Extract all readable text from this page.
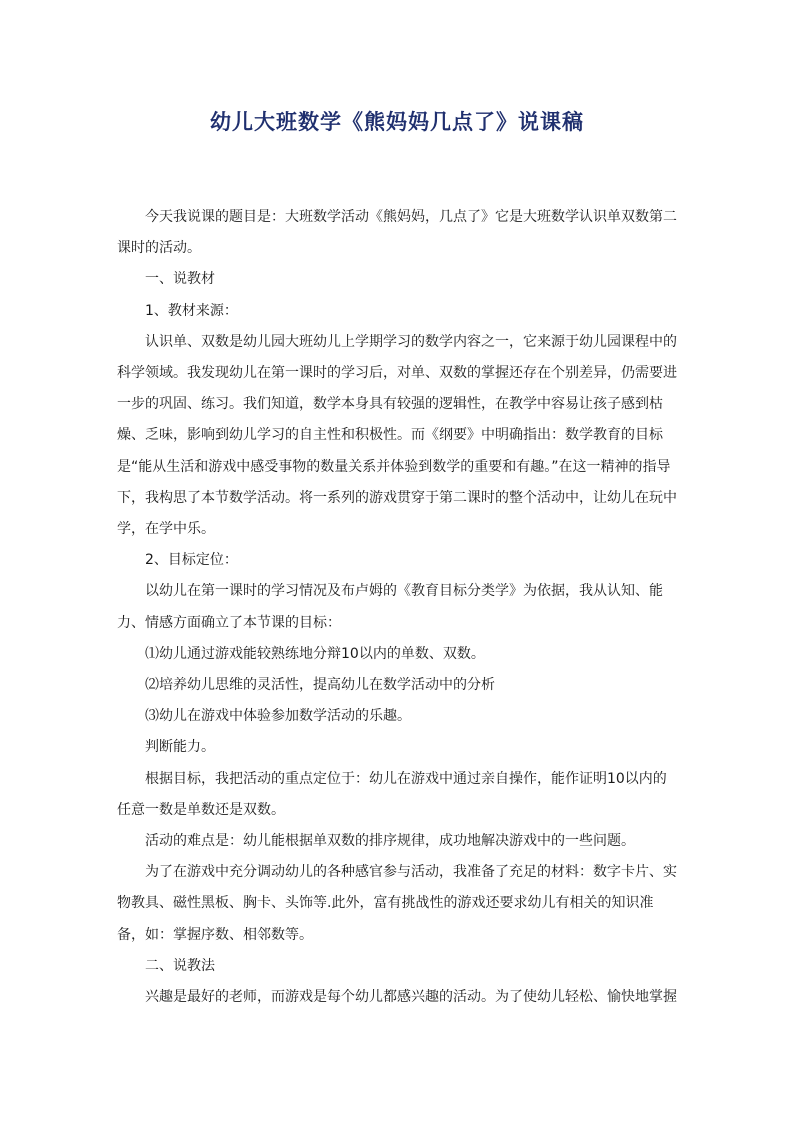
幼儿大班数学《熊妈妈几点了》说课稿

今天我说课的题目是：大班数学活动《熊妈妈，几点了》它是大班数学认识单双数第二课时的活动。

一、说教材

1、教材来源：

认识单、双数是幼儿园大班幼儿上学期学习的数学内容之一，它来源于幼儿园课程中的科学领域。我发现幼儿在第一课时的学习后，对单、双数的掌握还存在个别差异，仍需要进一步的巩固、练习。我们知道，数学本身具有较强的逻辑性，在教学中容易让孩子感到枯燥、乏味，影响到幼儿学习的自主性和积极性。而《纲要》中明确指出：数学教育的目标是“能从生活和游戏中感受事物的数量关系并体验到数学的重要和有趣。”在这一精神的指导下，我构思了本节数学活动。将一系列的游戏贯穿于第二课时的整个活动中，让幼儿在玩中学，在学中乐。

2、目标定位：

以幼儿在第一课时的学习情况及布卢姆的《教育目标分类学》为依据，我从认知、能力、情感方面确立了本节课的目标：

⑴幼儿通过游戏能较熟练地分辩10以内的单数、双数。

⑵培养幼儿思维的灵活性，提高幼儿在数学活动中的分析

⑶幼儿在游戏中体验参加数学活动的乐趣。

判断能力。

根据目标，我把活动的重点定位于：幼儿在游戏中通过亲自操作，能作证明10以内的任意一数是单数还是双数。

活动的难点是：幼儿能根据单双数的排序规律，成功地解决游戏中的一些问题。

为了在游戏中充分调动幼儿的各种感官参与活动，我准备了充足的材料：数字卡片、实物教具、磁性黑板、胸卡、头饰等.此外，富有挑战性的游戏还要求幼儿有相关的知识准备，如：掌握序数、相邻数等。

二、说教法

兴趣是最好的老师，而游戏是每个幼儿都感兴趣的活动。为了使幼儿轻松、愉快地掌握
